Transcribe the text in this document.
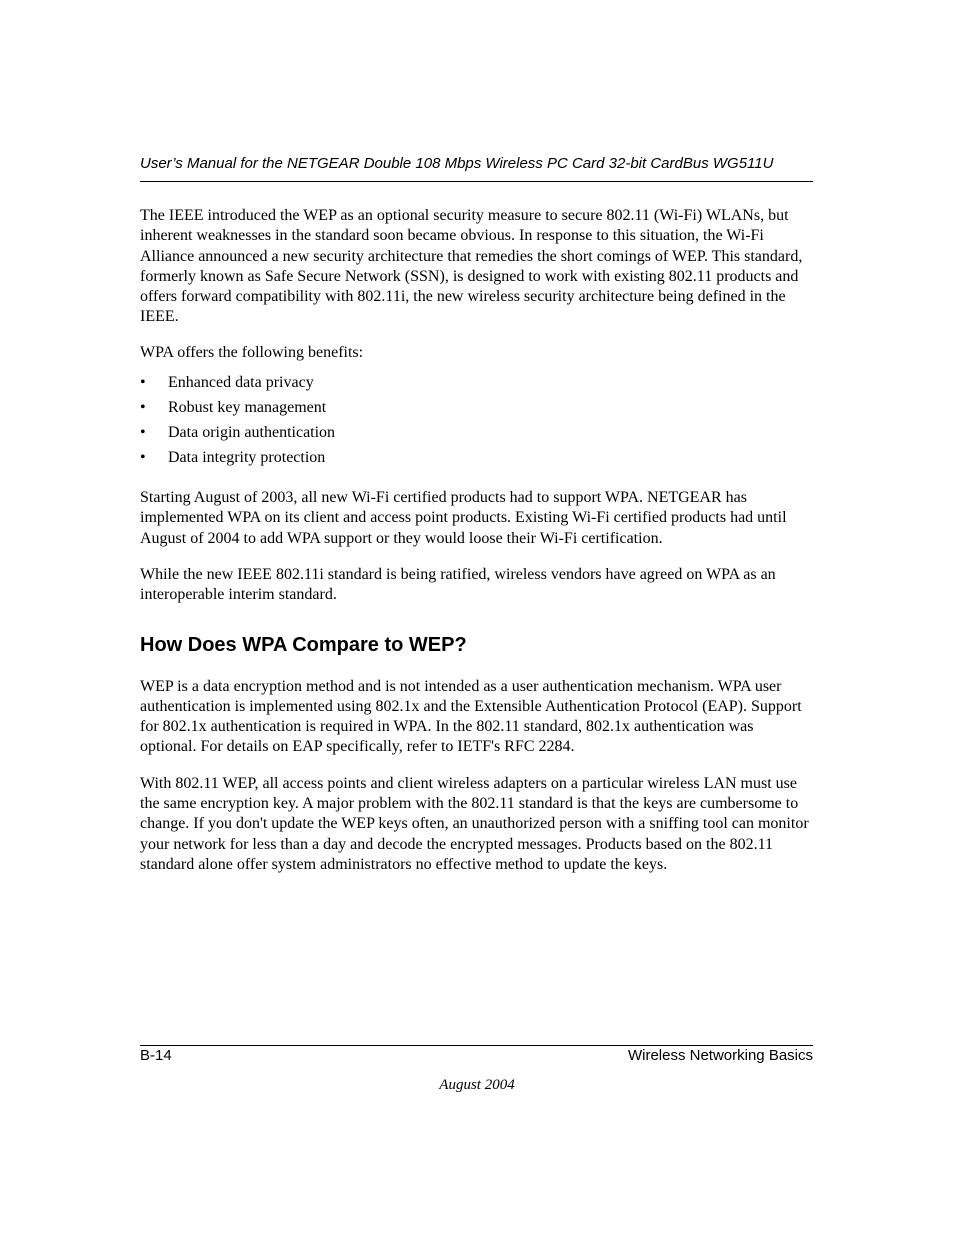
User’s Manual for the NETGEAR Double 108 Mbps Wireless PC Card 32-bit CardBus WG511U

The IEEE introduced the WEP as an optional security measure to secure 802.11 (Wi-Fi) WLANs, but inherent weaknesses in the standard soon became obvious. In response to this situation, the Wi-Fi Alliance announced a new security architecture that remedies the short comings of WEP. This standard, formerly known as Safe Secure Network (SSN), is designed to work with existing 802.11 products and offers forward compatibility with 802.11i, the new wireless security architecture being defined in the IEEE.

WPA offers the following benefits:

• Enhanced data privacy
• Robust key management
• Data origin authentication
• Data integrity protection

Starting August of 2003, all new Wi-Fi certified products had to support WPA. NETGEAR has implemented WPA on its client and access point products. Existing Wi-Fi certified products had until August of 2004 to add WPA support or they would loose their Wi-Fi certification.

While the new IEEE 802.11i standard is being ratified, wireless vendors have agreed on WPA as an interoperable interim standard.

How Does WPA Compare to WEP?

WEP is a data encryption method and is not intended as a user authentication mechanism. WPA user authentication is implemented using 802.1x and the Extensible Authentication Protocol (EAP). Support for 802.1x authentication is required in WPA. In the 802.11 standard, 802.1x authentication was optional. For details on EAP specifically, refer to IETF's RFC 2284.

With 802.11 WEP, all access points and client wireless adapters on a particular wireless LAN must use the same encryption key. A major problem with the 802.11 standard is that the keys are cumbersome to change. If you don't update the WEP keys often, an unauthorized person with a sniffing tool can monitor your network for less than a day and decode the encrypted messages. Products based on the 802.11 standard alone offer system administrators no effective method to update the keys.

B-14	Wireless Networking Basics
August 2004
